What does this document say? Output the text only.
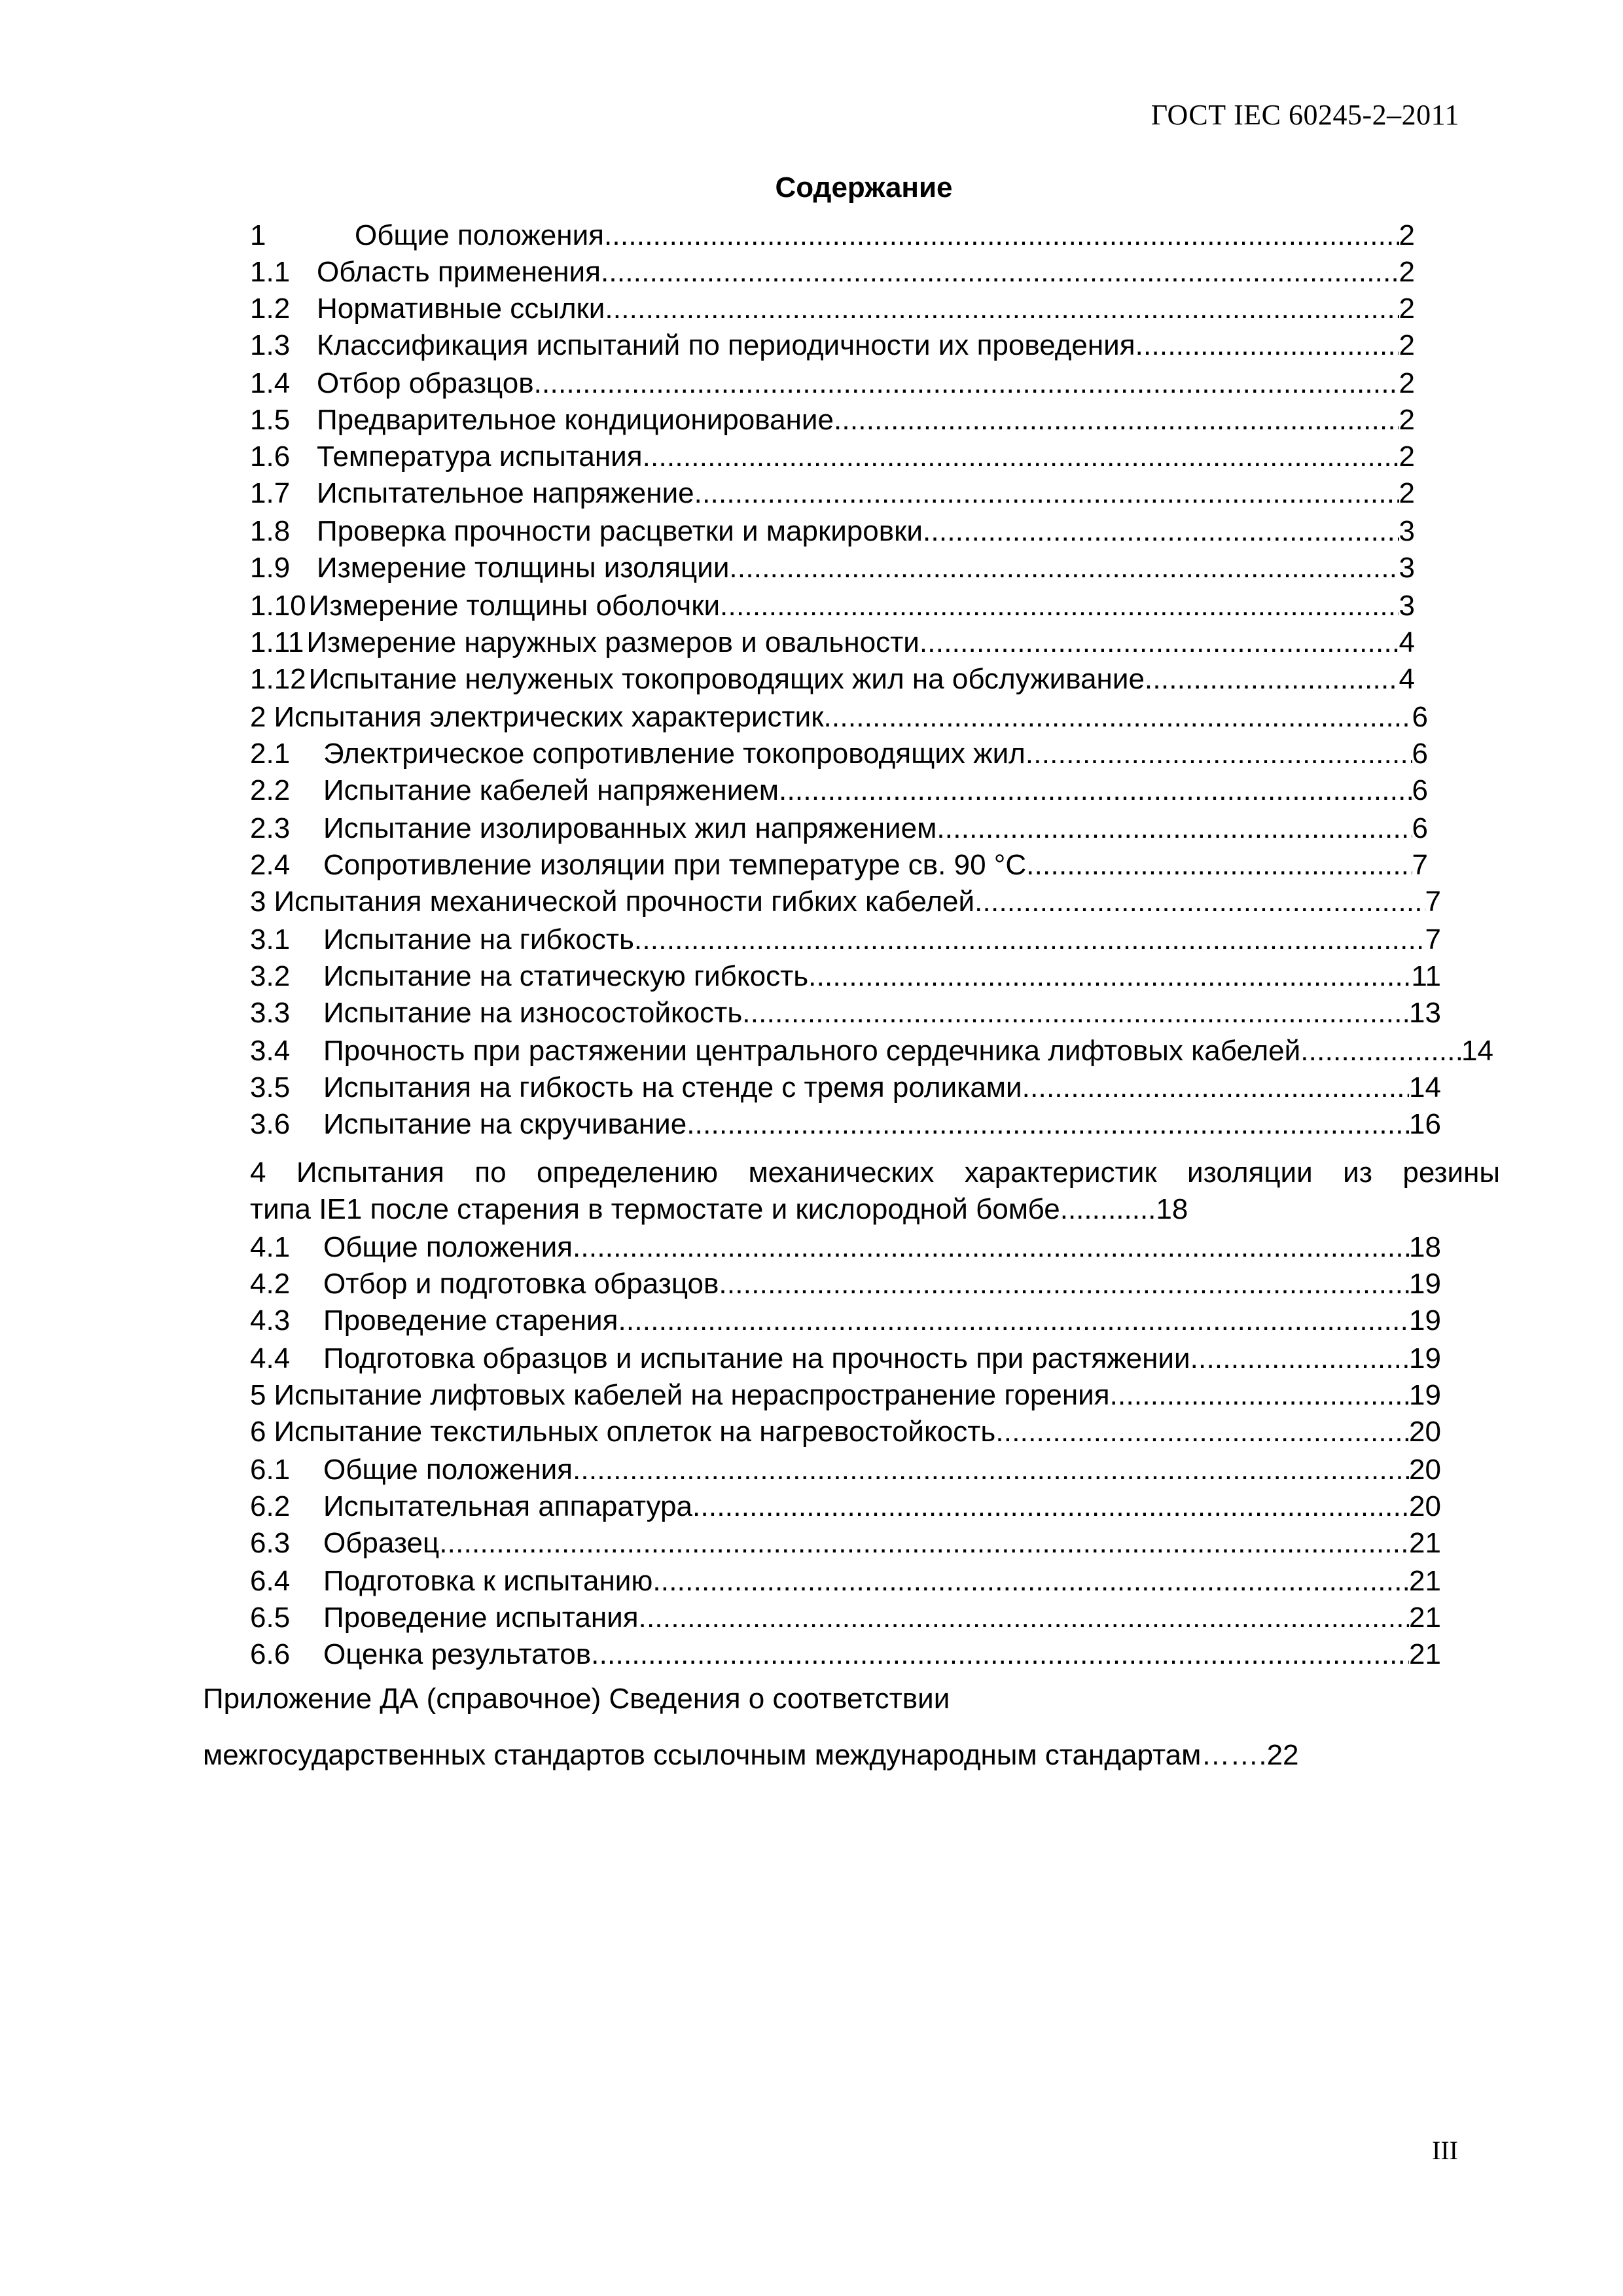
ГОСТ IEC 60245-2–2011
Содержание
Приложение ДА (справочное) Сведения о соответствии
межгосударственных стандартов ссылочным международным стандартам…….22
III
1	Общие положения . . .	2
1.1 Область применения . . .	2
1.2 Нормативные ссылки . . .	2
1.3 Классификация испытаний по периодичности их проведения . . .	2
1.4 Отбор образцов . . .	2
1.5 Предварительное кондиционирование . . .	2
1.6 Температура испытания . . .	2
1.7 Испытательное напряжение . . .	2
1.8 Проверка прочности расцветки и маркировки . . .	3
1.9 Измерение толщины изоляции . . .	3
1.10 Измерение толщины оболочки . . .	3
1.11 Измерение наружных размеров и овальности . . .	4
1.12 Испытание нелуженых токопроводящих жил на обслуживание . . .	4
2 Испытания электрических характеристик . . .	6
2.1	Электрическое сопротивление токопроводящих жил . . .	6
2.2	Испытание кабелей напряжением . . .	6
2.3	Испытание изолированных жил напряжением . . .	6
2.4	Сопротивление изоляции при температуре св. 90 °С . . .	7
3 Испытания механической прочности гибких кабелей . . .	7
3.1	Испытание на гибкость . . .	7
3.2	Испытание на статическую гибкость . . .	11
3.3	Испытание на износостойкость . . .	13
3.4	Прочность при растяжении центрального сердечника лифтовых кабелей . . .	14
3.5	Испытания на гибкость на стенде с тремя роликами . . .	14
3.6	Испытание на скручивание . . .	16
4 Испытания по определению механических характеристик изоляции из резины
типа IE1 после старения в термостате и кислородной бомбе............18
4.1	Общие положения . . .	18
4.2	Отбор и подготовка образцов . . .	19
4.3	Проведение старения . . .	19
4.4	Подготовка образцов и испытание на прочность при растяжении . . .	19
5 Испытание лифтовых кабелей на нераспространение горения . . .	19
6 Испытание текстильных оплеток на нагревостойкость . . .	20
6.1	Общие положения . . .	20
6.2	Испытательная аппаратура . . .	20
6.3	Образец . . .	21
6.4	Подготовка к испытанию . . .	21
6.5	Проведение испытания . . .	21
6.6	Оценка результатов . . .	21
